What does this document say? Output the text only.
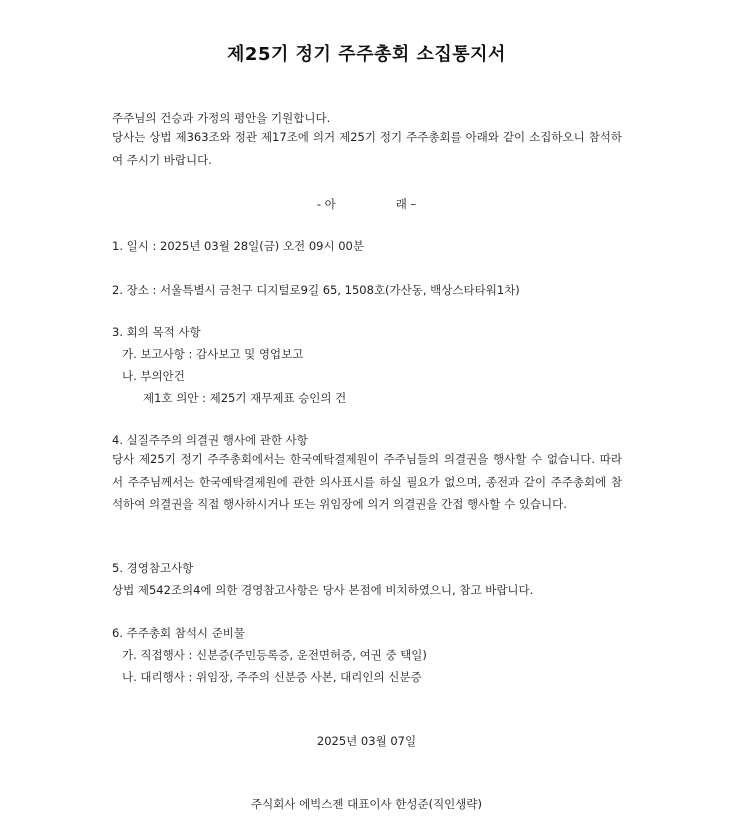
제25기 정기 주주총회 소집통지서
주주님의 건승과 가정의 평안을 기원합니다.
당사는 상법 제363조와 정관 제17조에 의거 제25기 정기 주주총회를 아래와 같이 소집하오니 참석하여 주시기 바랍니다.
- 아	래 –
1. 일시 : 2025년 03월 28일(금) 오전 09시 00분
2. 장소 : 서울특별시 금천구 디지털로9길 65, 1508호(가산동, 백상스타타워1차)
3. 회의 목적 사항
가. 보고사항 : 감사보고 및 영업보고
나. 부의안건
제1호 의안 : 제25기 재무제표 승인의 건
4. 실질주주의 의결권 행사에 관한 사항
당사 제25기 정기 주주총회에서는 한국예탁결제원이 주주님들의 의결권을 행사할 수 없습니다. 따라서 주주님께서는 한국예탁결제원에 관한 의사표시를 하실 필요가 없으며, 종전과 같이 주주총회에 참석하여 의결권을 직접 행사하시거나 또는 위임장에 의거 의결권을 간접 행사할 수 있습니다.
5. 경영참고사항
상법 제542조의4에 의한 경영참고사항은 당사 본점에 비치하였으니, 참고 바랍니다.
6. 주주총회 참석시 준비물
가. 직접행사 : 신분증(주민등록증, 운전면허증, 여권 중 택일)
나. 대리행사 : 위임장, 주주의 신분증 사본, 대리인의 신분증
2025년 03월 07일
주식회사 에빅스젠 대표이사 한성준(직인생략)
